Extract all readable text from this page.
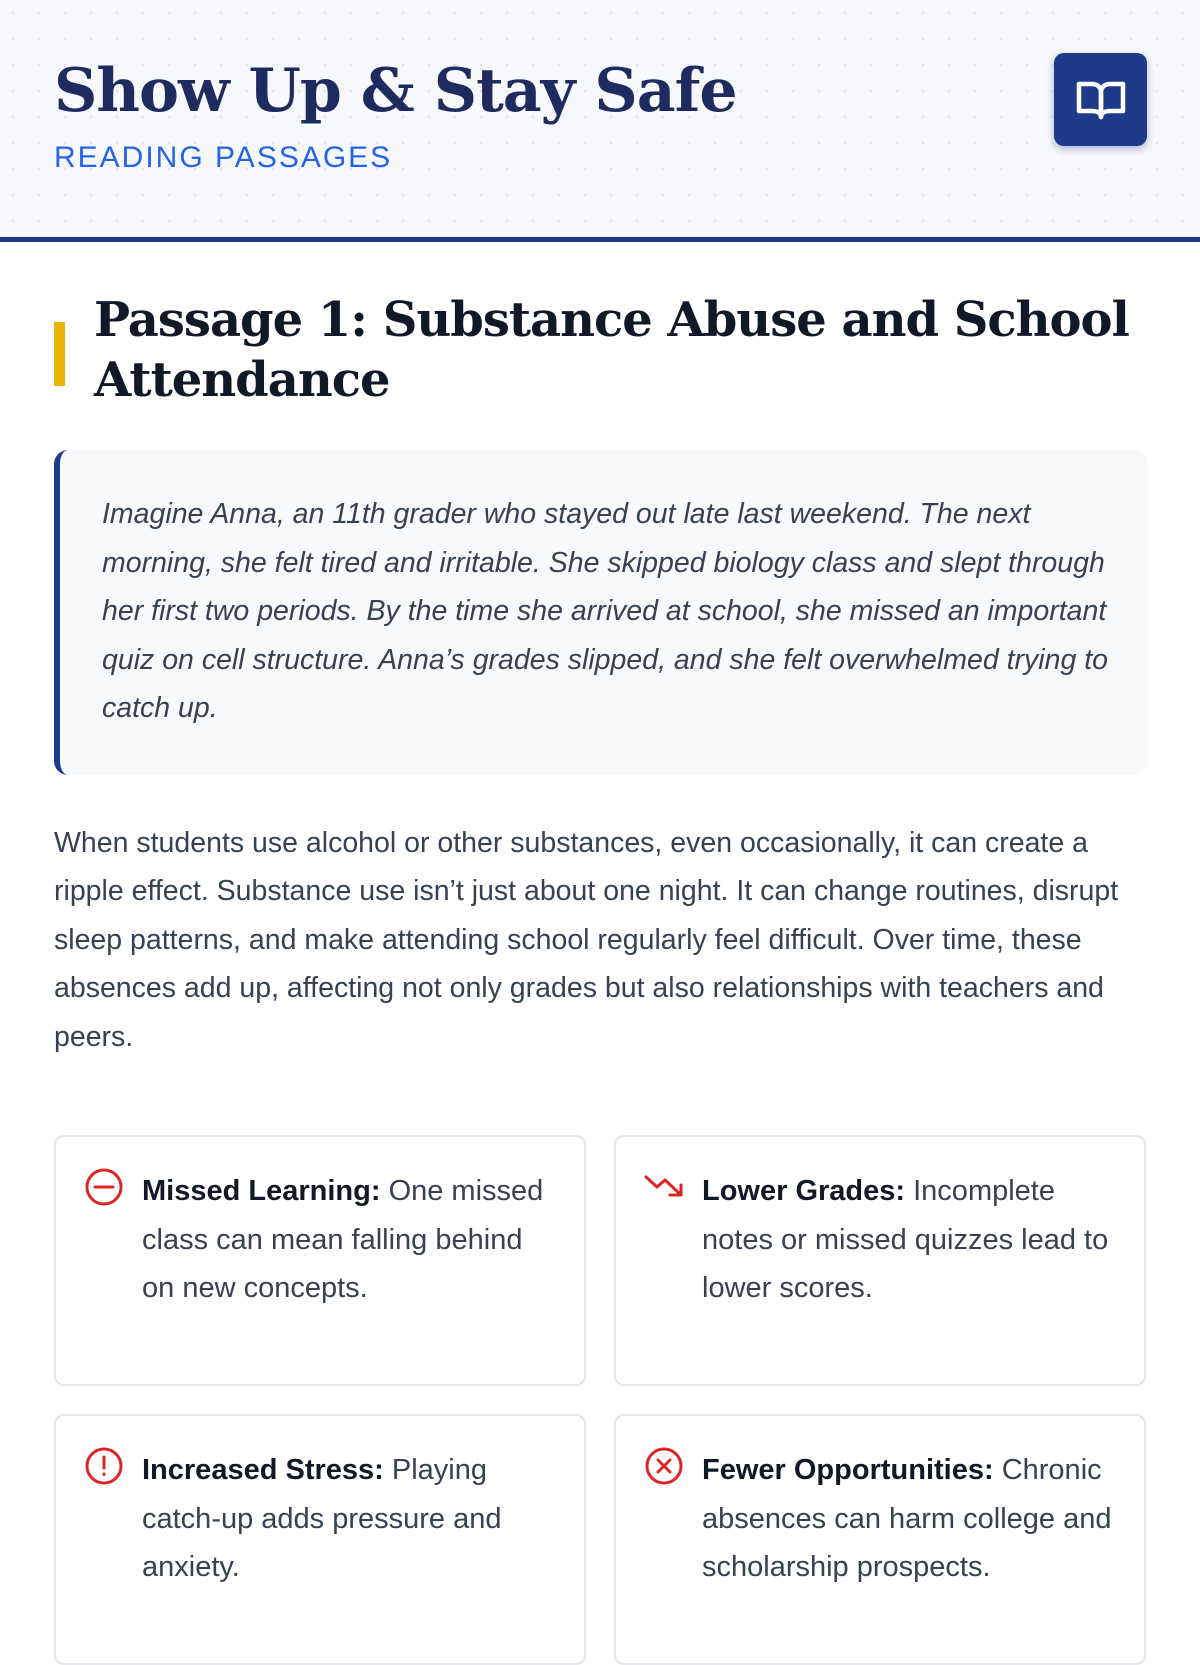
Show Up & Stay Safe
READING PASSAGES
Passage 1: Substance Abuse and School Attendance
Imagine Anna, an 11th grader who stayed out late last weekend. The next morning, she felt tired and irritable. She skipped biology class and slept through her first two periods. By the time she arrived at school, she missed an important quiz on cell structure. Anna’s grades slipped, and she felt overwhelmed trying to catch up.

When students use alcohol or other substances, even occasionally, it can create a ripple effect. Substance use isn’t just about one night. It can change routines, disrupt sleep patterns, and make attending school regularly feel difficult. Over time, these absences add up, affecting not only grades but also relationships with teachers and peers.

Missed Learning: One missed class can mean falling behind on new concepts.
Lower Grades: Incomplete notes or missed quizzes lead to lower scores.
Increased Stress: Playing catch-up adds pressure and anxiety.
Fewer Opportunities: Chronic absences can harm college and scholarship prospects.
